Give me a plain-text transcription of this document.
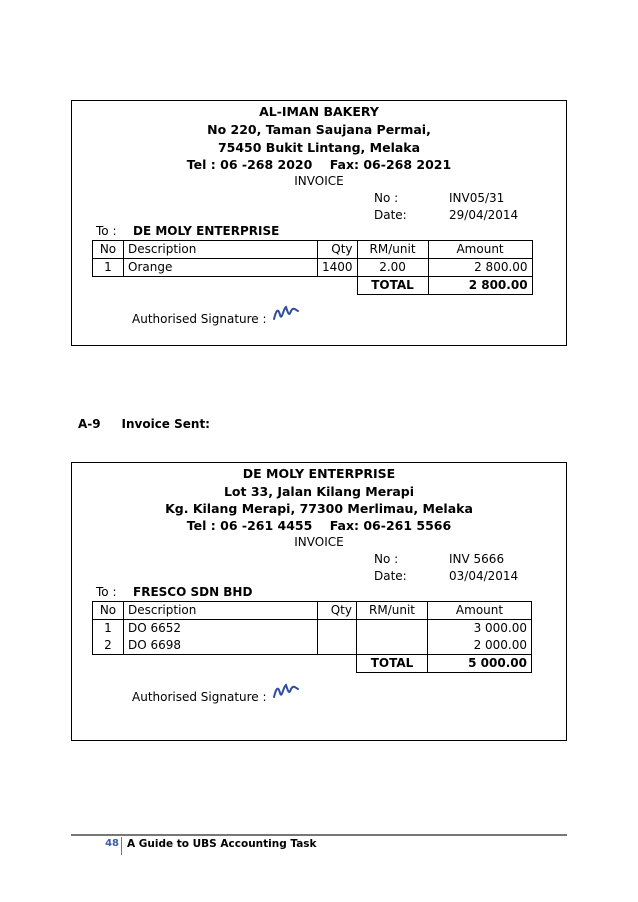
AL-IMAN BAKERY
No 220, Taman Saujana Permai,
75450 Bukit Lintang, Melaka
Tel : 06 -268 2020    Fax: 06-268 2021
INVOICE
No :	INV05/31
Date:	29/04/2014
To : DE MOLY ENTERPRISE
No	Description	Qty	RM/unit	Amount
1	Orange	1400	2.00	2 800.00
			TOTAL	2 800.00
Authorised Signature :
A-9     Invoice Sent:
DE MOLY ENTERPRISE
Lot 33, Jalan Kilang Merapi
Kg. Kilang Merapi, 77300 Merlimau, Melaka
Tel : 06 -261 4455    Fax: 06-261 5566
INVOICE
No :	INV 5666
Date:	03/04/2014
To : FRESCO SDN BHD
No	Description	Qty	RM/unit	Amount
1	DO 6652			3 000.00
2	DO 6698			2 000.00
			TOTAL	5 000.00
Authorised Signature :
48 A Guide to UBS Accounting Task
